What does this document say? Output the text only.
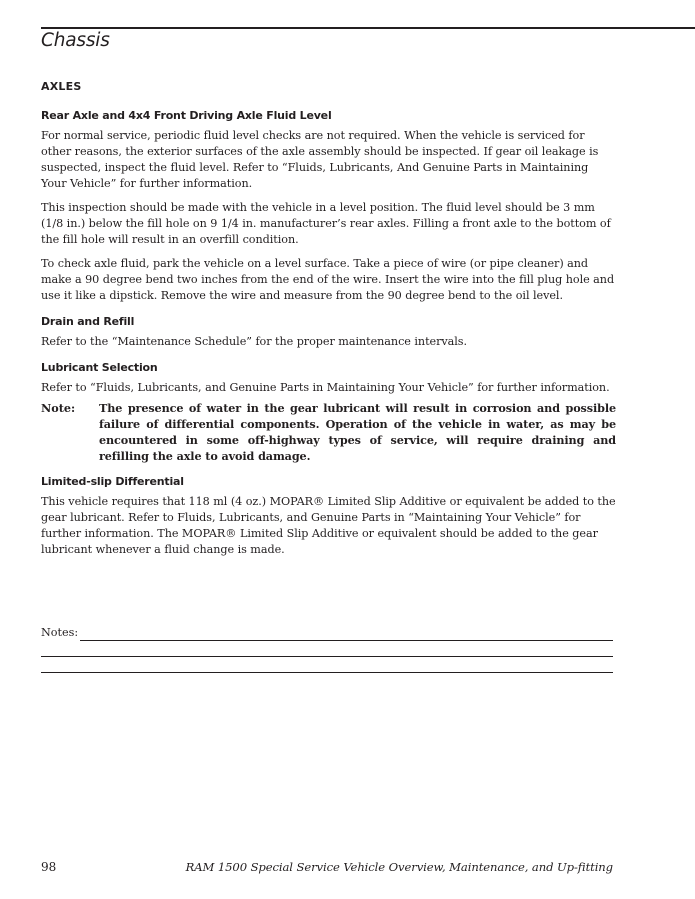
Chassis
AXLES
Rear Axle and 4x4 Front Driving Axle Fluid Level
For normal service, periodic fluid level checks are not required. When the vehicle is serviced for other reasons, the exterior surfaces of the axle assembly should be inspected. If gear oil leakage is suspected, inspect the fluid level. Refer to “Fluids, Lubricants, And Genuine Parts in Maintaining Your Vehicle” for further information.
This inspection should be made with the vehicle in a level position. The fluid level should be 3 mm (1/8 in.) below the fill hole on 9 1/4 in. manufacturer’s rear axles. Filling a front axle to the bottom of the fill hole will result in an overfill condition.
To check axle fluid, park the vehicle on a level surface. Take a piece of wire (or pipe cleaner) and make a 90 degree bend two inches from the end of the wire. Insert the wire into the fill plug hole and use it like a dipstick. Remove the wire and measure from the 90 degree bend to the oil level.
Drain and Refill
Refer to the “Maintenance Schedule” for the proper maintenance intervals.
Lubricant Selection
Refer to “Fluids, Lubricants, and Genuine Parts in Maintaining Your Vehicle” for further information.
Note:	The presence of water in the gear lubricant will result in corrosion and possible failure of differential components. Operation of the vehicle in water, as may be encountered in some off-highway types of service, will require draining and refilling the axle to avoid damage.
Limited-slip Differential
This vehicle requires that 118 ml (4 oz.) MOPAR® Limited Slip Additive or equivalent be added to the gear lubricant. Refer to Fluids, Lubricants, and Genuine Parts in “Maintaining Your Vehicle” for further information. The MOPAR® Limited Slip Additive or equivalent should be added to the gear lubricant whenever a fluid change is made.
Notes:
98	RAM 1500 Special Service Vehicle Overview, Maintenance, and Up-fitting
